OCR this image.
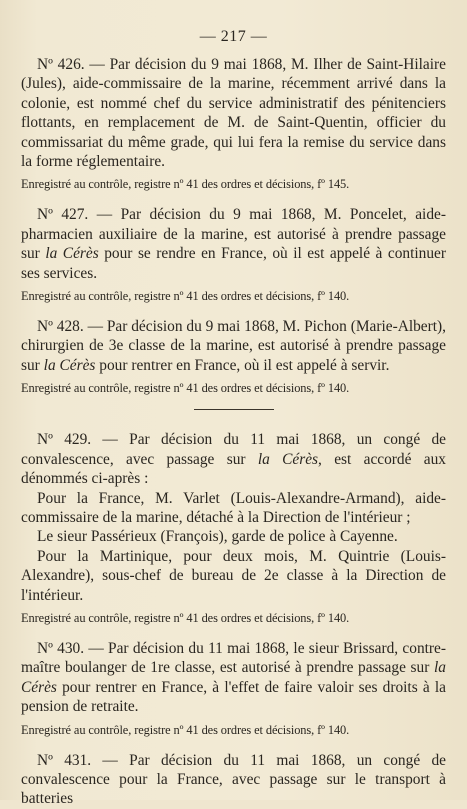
— 217 —

Nº 426. — Par décision du 9 mai 1868, M. Ilher de Saint-Hilaire (Jules), aide-commissaire de la marine, récemment arrivé dans la colonie, est nommé chef du service administratif des pénitenciers flottants, en remplacement de M. de Saint-Quentin, officier du commissariat du même grade, qui lui fera la remise du service dans la forme réglementaire.

Enregistré au contrôle, registre nº 41 des ordres et décisions, fº 145.

Nº 427. — Par décision du 9 mai 1868, M. Poncelet, aide-pharmacien auxiliaire de la marine, est autorisé à prendre passage sur la Cérès pour se rendre en France, où il est appelé à continuer ses services.

Enregistré au contrôle, registre nº 41 des ordres et décisions, fº 140.

Nº 428. — Par décision du 9 mai 1868, M. Pichon (Marie-Albert), chirurgien de 3e classe de la marine, est autorisé à prendre passage sur la Cérès pour rentrer en France, où il est appelé à servir.

Enregistré au contrôle, registre nº 41 des ordres et décisions, fº 140.

Nº 429. — Par décision du 11 mai 1868, un congé de convalescence, avec passage sur la Cérès, est accordé aux dénommés ci-après :

Pour la France, M. Varlet (Louis-Alexandre-Armand), aide-commissaire de la marine, détaché à la Direction de l'intérieur ;

Le sieur Passérieux (François), garde de police à Cayenne.

Pour la Martinique, pour deux mois, M. Quintrie (Louis-Alexandre), sous-chef de bureau de 2e classe à la Direction de l'intérieur.

Enregistré au contrôle, registre nº 41 des ordres et décisions, fº 140.

Nº 430. — Par décision du 11 mai 1868, le sieur Brissard, contre-maître boulanger de 1re classe, est autorisé à prendre passage sur la Cérès pour rentrer en France, à l'effet de faire valoir ses droits à la pension de retraite.

Enregistré au contrôle, registre nº 41 des ordres et décisions, fº 140.

Nº 431. — Par décision du 11 mai 1868, un congé de convalescence pour la France, avec passage sur le transport à batteries
